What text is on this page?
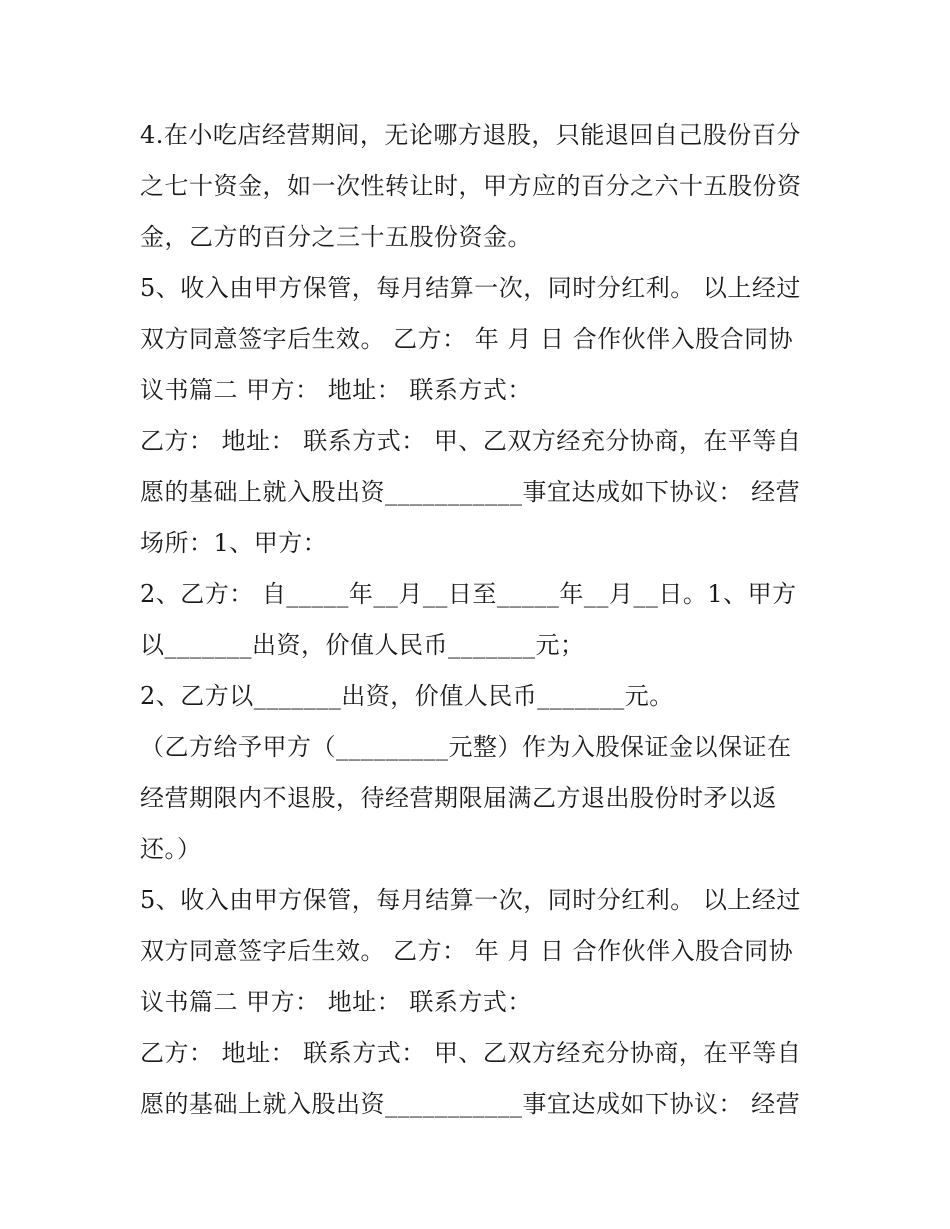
4.在小吃店经营期间，无论哪方退股，只能退回自己股份百分之七十资金，如一次性转让时，甲方应的百分之六十五股份资金，乙方的百分之三十五股份资金。

5、收入由甲方保管，每月结算一次，同时分红利。 以上经过双方同意签字后生效。 乙方： 年 月 日 合作伙伴入股合同协议书篇二 甲方： 地址： 联系方式：

乙方： 地址： 联系方式： 甲、乙双方经充分协商，在平等自愿的基础上就入股出资___________事宜达成如下协议： 经营场所：1、甲方：

2、乙方： 自_____年__月__日至_____年__月__日。1、甲方以_______出资，价值人民币_______元；

2、乙方以_______出资，价值人民币_______元。

（乙方给予甲方（_________元整）作为入股保证金以保证在经营期限内不退股，待经营期限届满乙方退出股份时矛以返还。）

5、收入由甲方保管，每月结算一次，同时分红利。 以上经过双方同意签字后生效。 乙方： 年 月 日 合作伙伴入股合同协议书篇二 甲方： 地址： 联系方式：

乙方： 地址： 联系方式： 甲、乙双方经充分协商，在平等自愿的基础上就入股出资___________事宜达成如下协议： 经营
